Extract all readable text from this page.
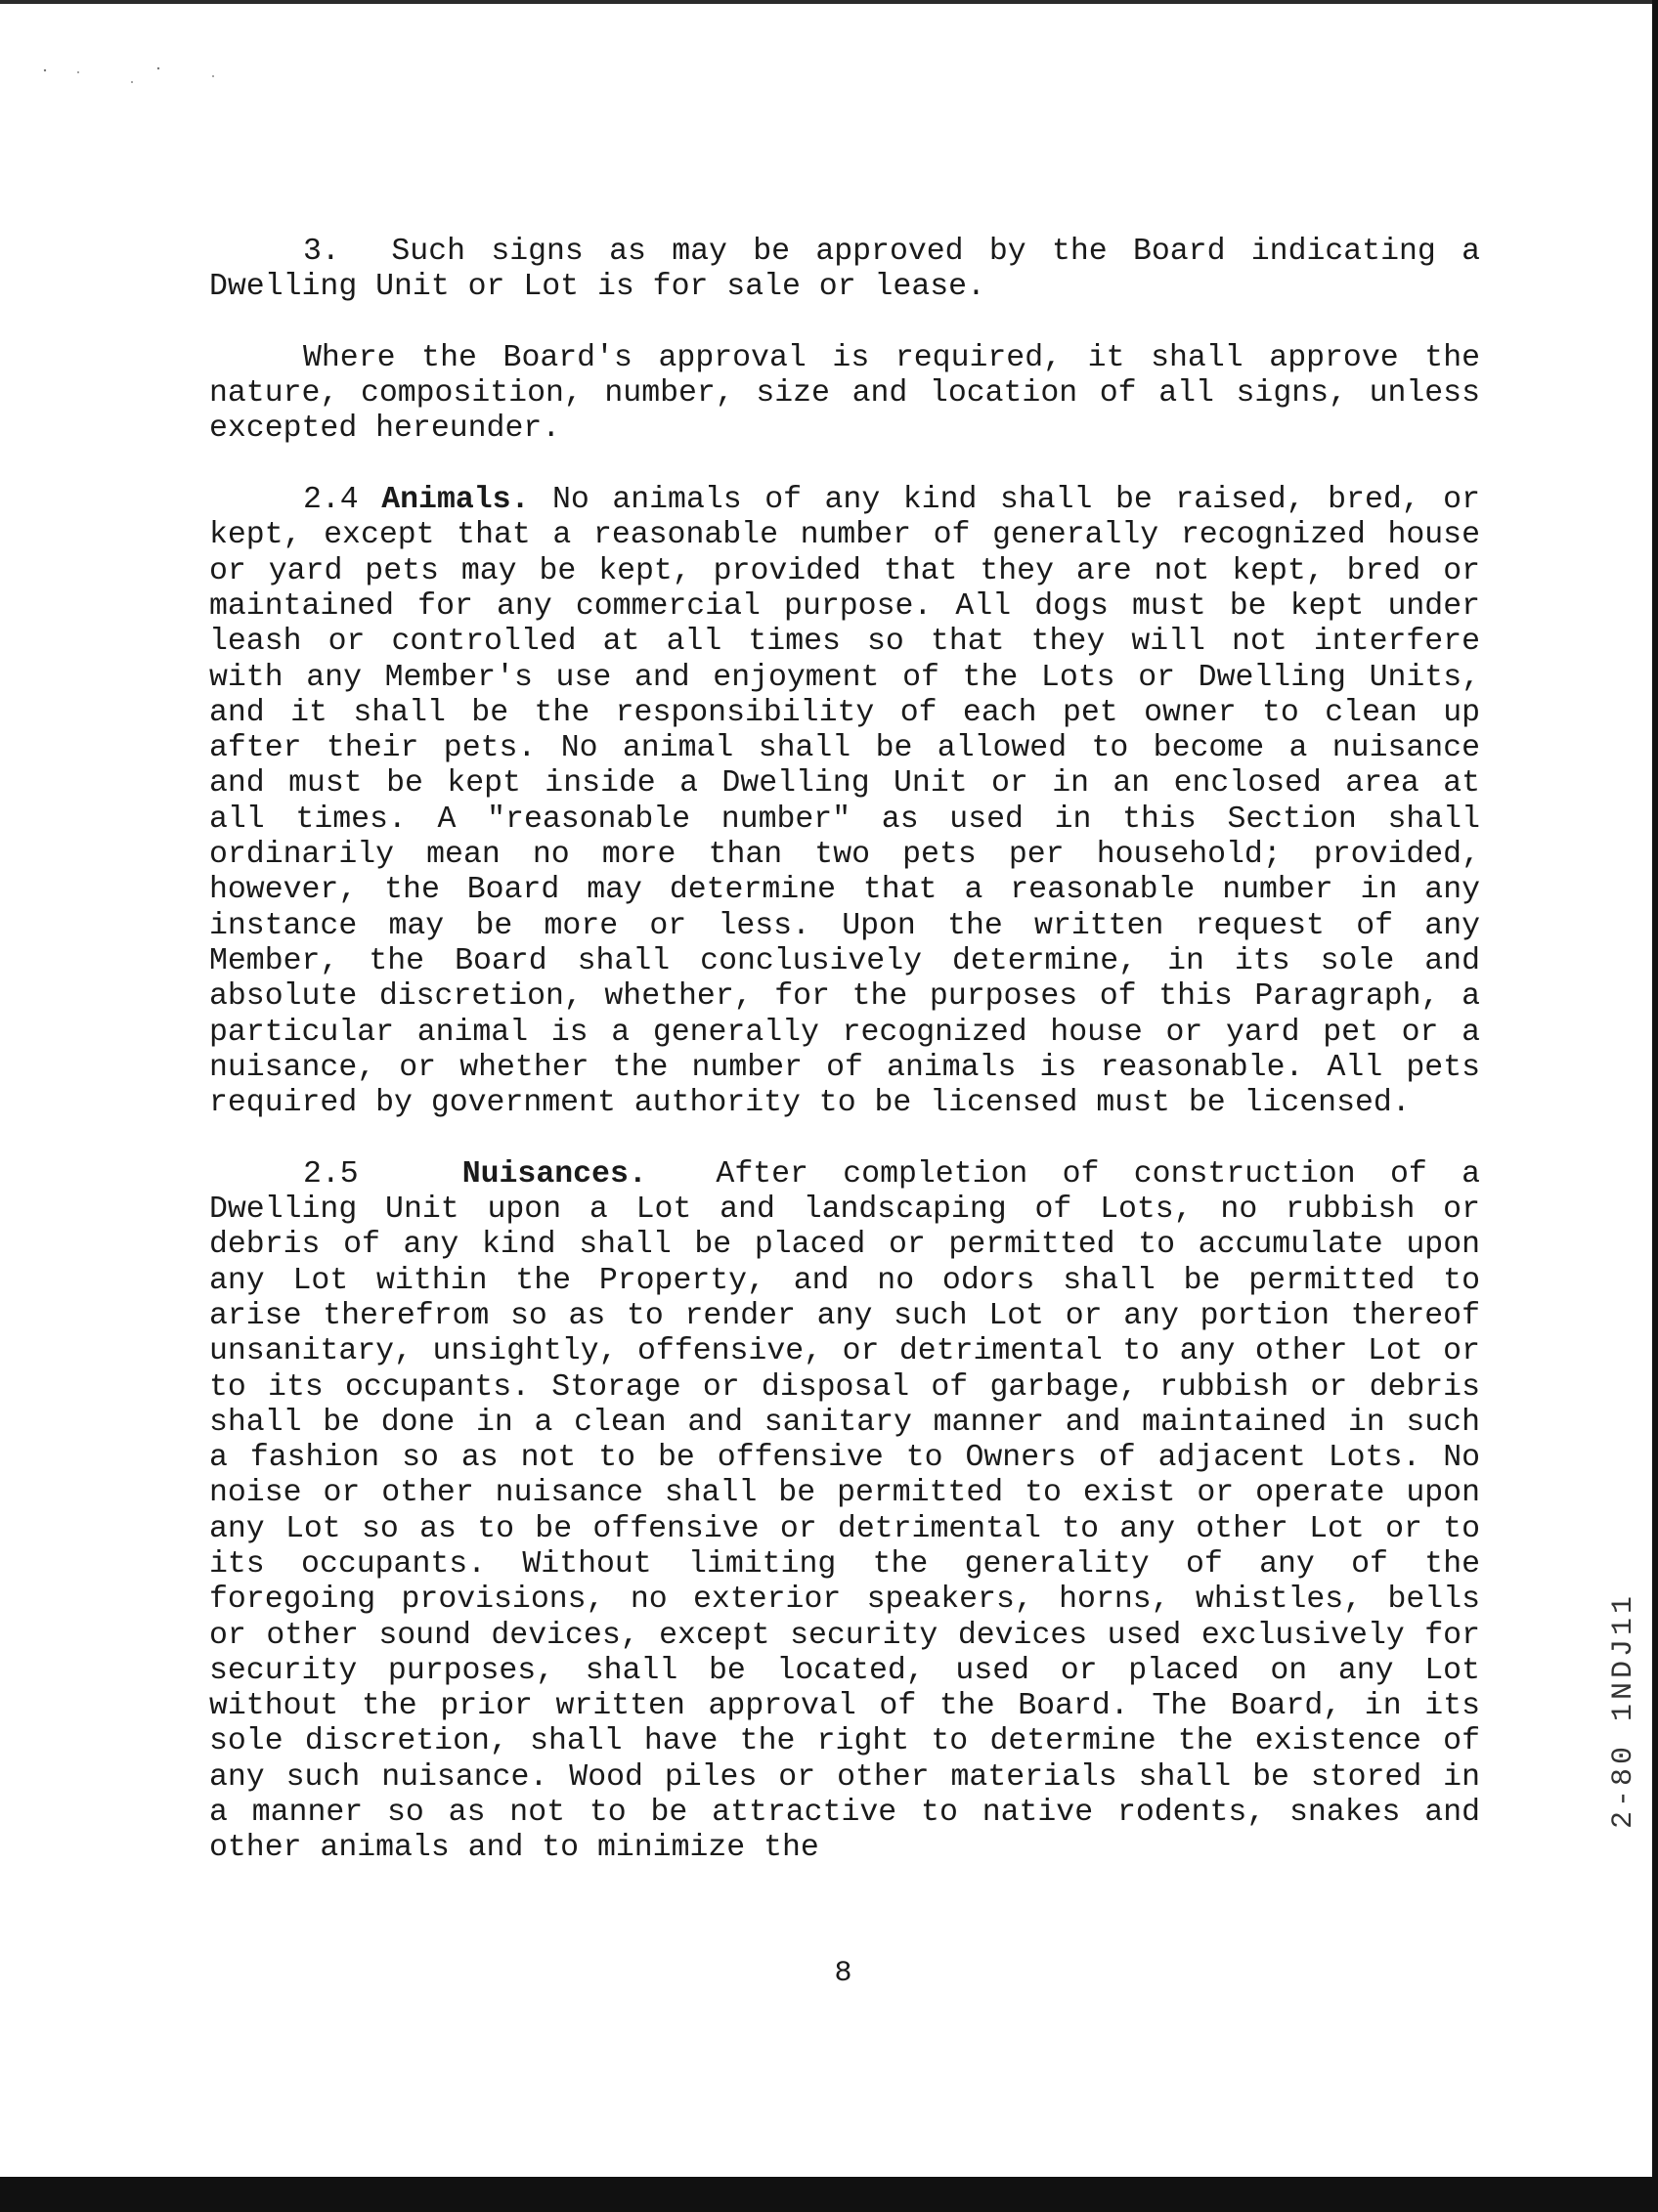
3. Such signs as may be approved by the Board indicating a Dwelling Unit or Lot is for sale or lease.

Where the Board's approval is required, it shall approve the nature, composition, number, size and location of all signs, unless excepted hereunder.

2.4 Animals. No animals of any kind shall be raised, bred, or kept, except that a reasonable number of generally recognized house or yard pets may be kept, provided that they are not kept, bred or maintained for any commercial purpose. All dogs must be kept under leash or controlled at all times so that they will not interfere with any Member's use and enjoyment of the Lots or Dwelling Units, and it shall be the responsibility of each pet owner to clean up after their pets. No animal shall be allowed to become a nuisance and must be kept inside a Dwelling Unit or in an enclosed area at all times. A "reasonable number" as used in this Section shall ordinarily mean no more than two pets per household; provided, however, the Board may determine that a reasonable number in any instance may be more or less. Upon the written request of any Member, the Board shall conclusively determine, in its sole and absolute discretion, whether, for the purposes of this Paragraph, a particular animal is a generally recognized house or yard pet or a nuisance, or whether the number of animals is reasonable. All pets required by government authority to be licensed must be licensed.

2.5	Nuisances. After completion of construction of a Dwelling Unit upon a Lot and landscaping of Lots, no rubbish or debris of any kind shall be placed or permitted to accumulate upon any Lot within the Property, and no odors shall be permitted to arise therefrom so as to render any such Lot or any portion thereof unsanitary, unsightly, offensive, or detrimental to any other Lot or to its occupants. Storage or disposal of garbage, rubbish or debris shall be done in a clean and sanitary manner and maintained in such a fashion so as not to be offensive to Owners of adjacent Lots. No noise or other nuisance shall be permitted to exist or operate upon any Lot so as to be offensive or detrimental to any other Lot or to its occupants. Without limiting the generality of any of the foregoing provisions, no exterior speakers, horns, whistles, bells or other sound devices, except security devices used exclusively for security purposes, shall be located, used or placed on any Lot without the prior written approval of the Board. The Board, in its sole discretion, shall have the right to determine the existence of any such nuisance. Wood piles or other materials shall be stored in a manner so as not to be attractive to native rodents, snakes and other animals and to minimize the

8
2-80 1NDJ11
